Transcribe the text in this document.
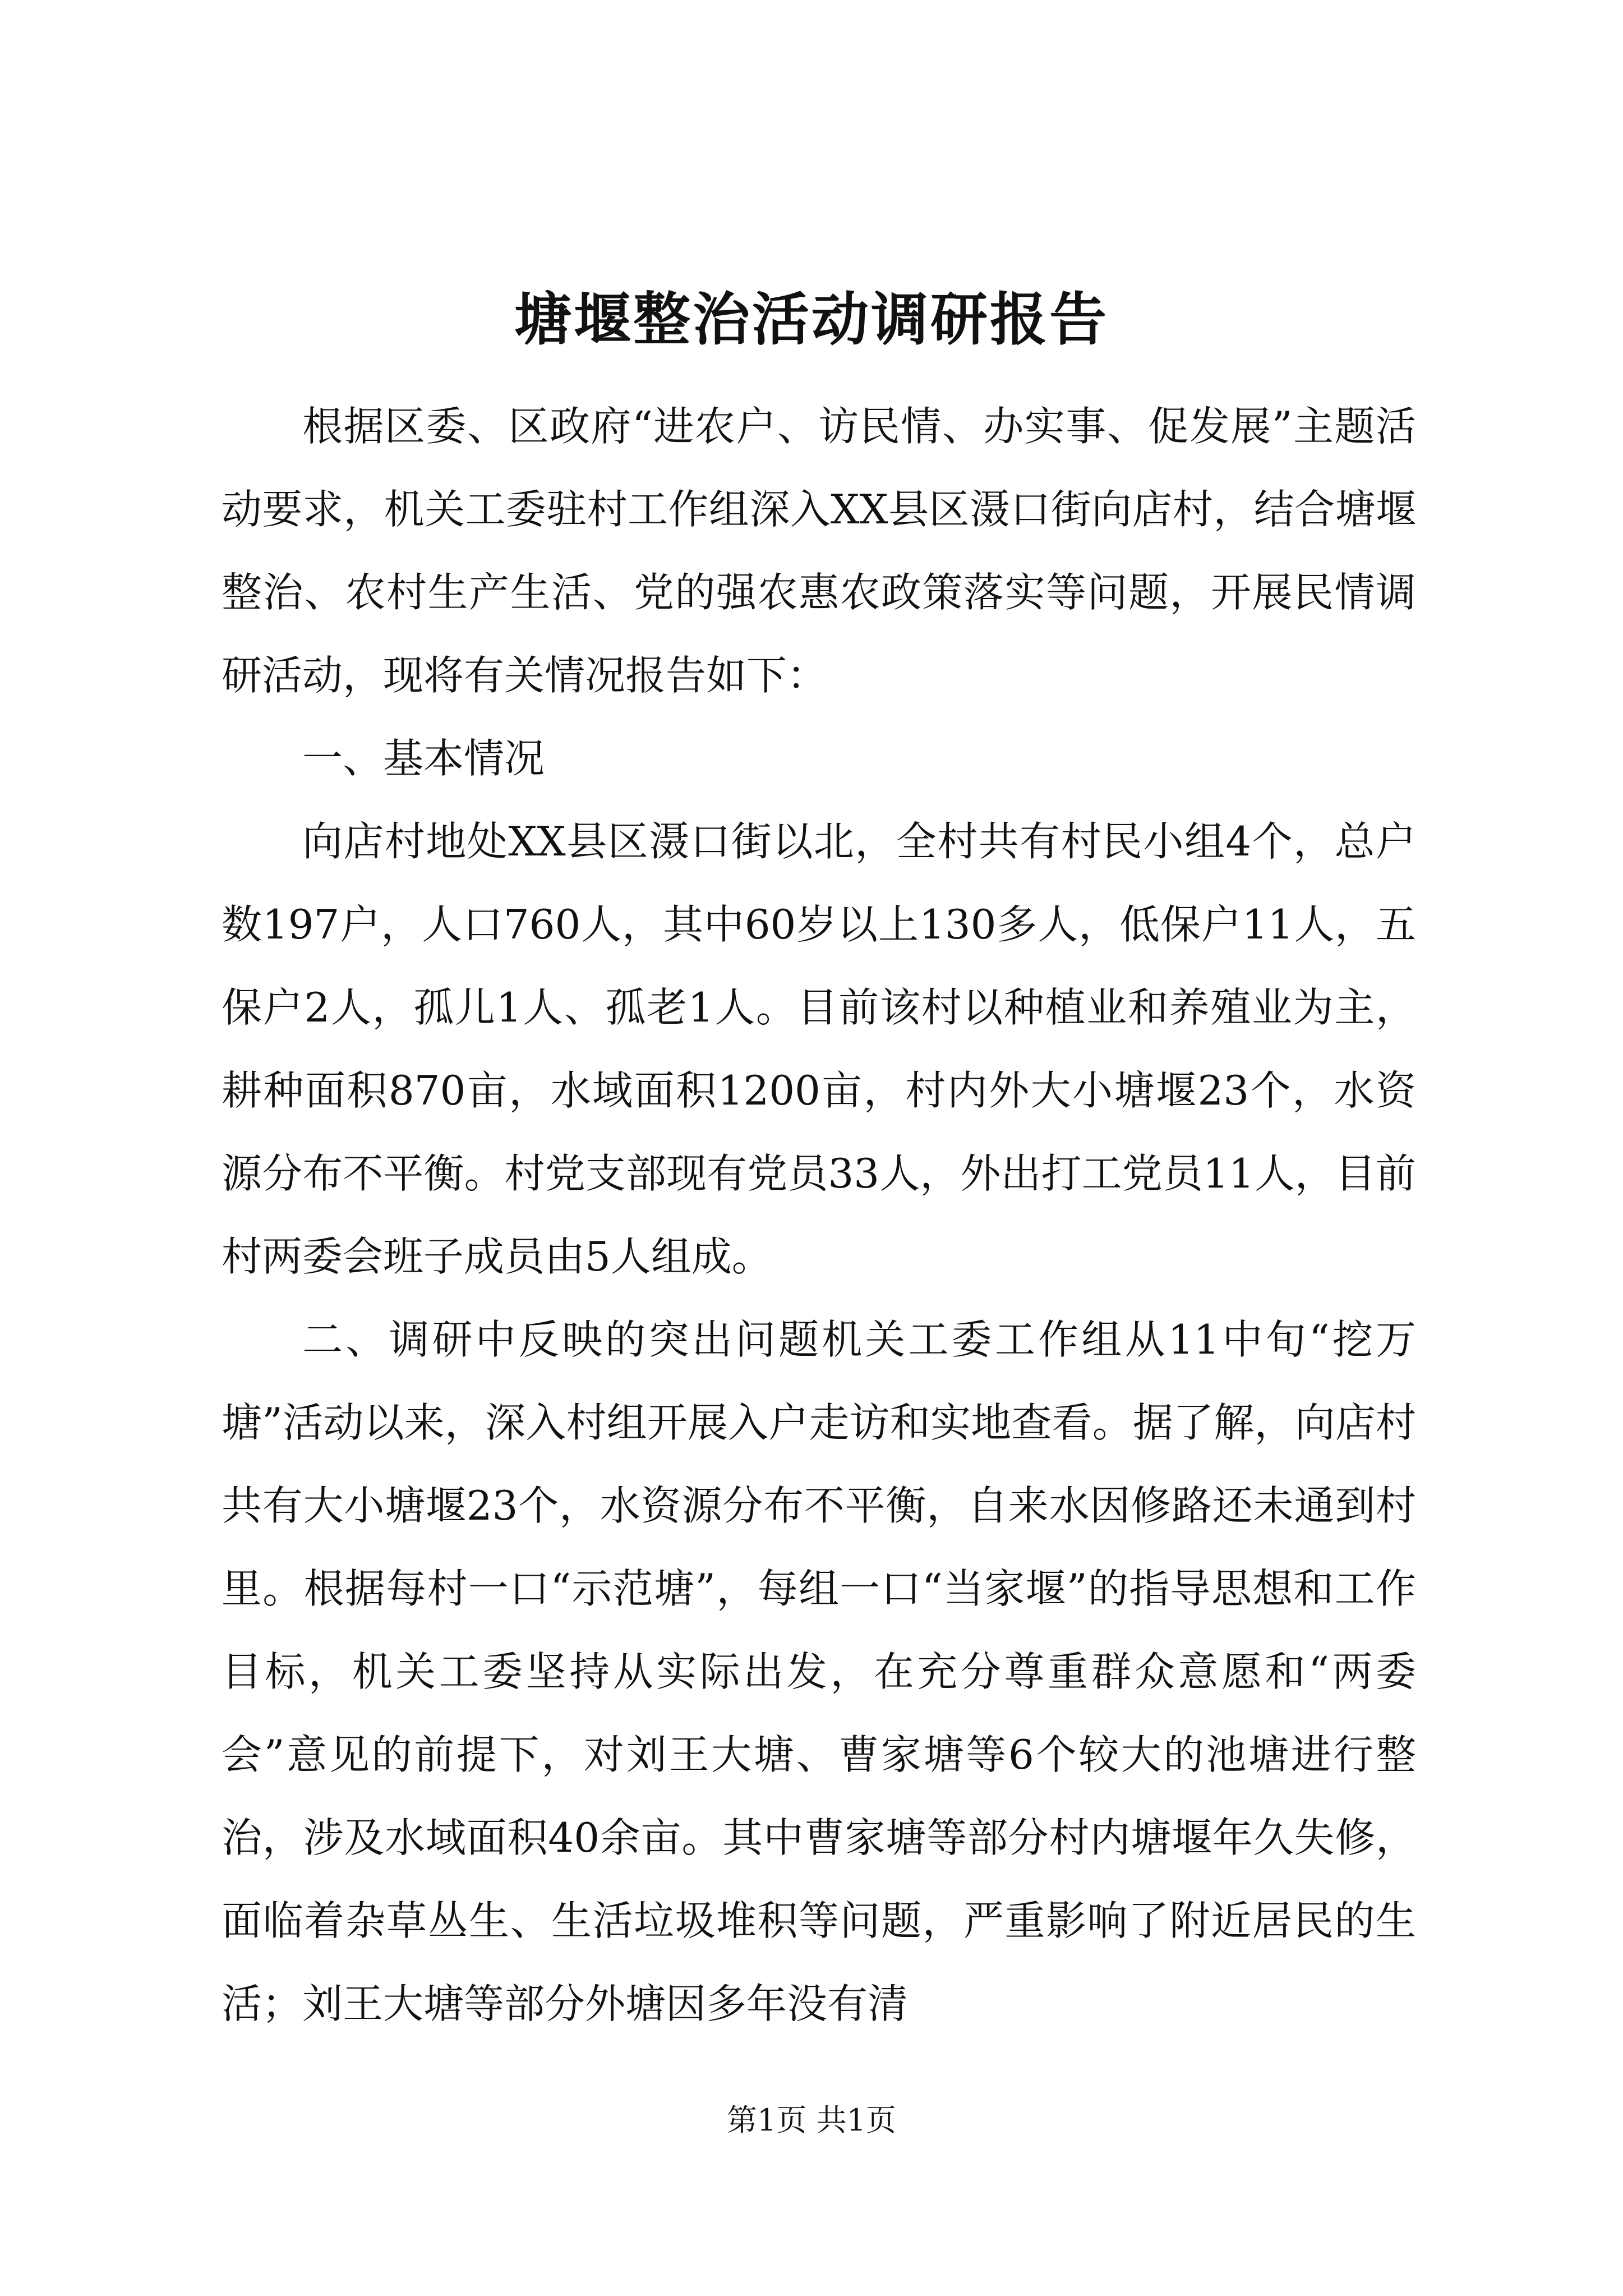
塘堰整治活动调研报告

根据区委、区政府“进农户、访民情、办实事、促发展”主题活动要求，机关工委驻村工作组深入XX县区滠口街向店村，结合塘堰整治、农村生产生活、党的强农惠农政策落实等问题，开展民情调研活动，现将有关情况报告如下：

一、基本情况

向店村地处XX县区滠口街以北，全村共有村民小组4个，总户数197户，人口760人，其中60岁以上130多人，低保户11人，五保户2人，孤儿1人、孤老1人。目前该村以种植业和养殖业为主，耕种面积870亩，水域面积1200亩，村内外大小塘堰23个，水资源分布不平衡。村党支部现有党员33人，外出打工党员11人，目前村两委会班子成员由5人组成。

二、调研中反映的突出问题机关工委工作组从11中旬“挖万塘”活动以来，深入村组开展入户走访和实地查看。据了解，向店村共有大小塘堰23个，水资源分布不平衡，自来水因修路还未通到村里。根据每村一口“示范塘”，每组一口“当家堰”的指导思想和工作目标，机关工委坚持从实际出发，在充分尊重群众意愿和“两委会”意见的前提下，对刘王大塘、曹家塘等6个较大的池塘进行整治，涉及水域面积40余亩。其中曹家塘等部分村内塘堰年久失修，面临着杂草丛生、生活垃圾堆积等问题，严重影响了附近居民的生活；刘王大塘等部分外塘因多年没有清

第1页 共1页
